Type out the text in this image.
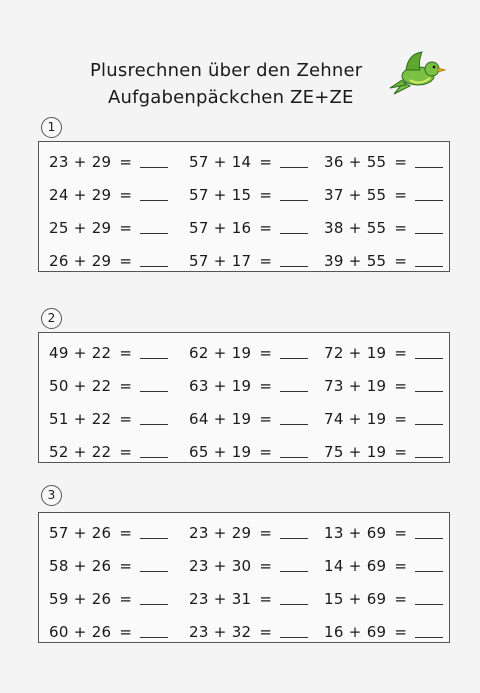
Plusrechnen über den Zehner
Aufgabenpäckchen ZE+ZE
1
23 + 29 =
24 + 29 =
25 + 29 =
26 + 29 =
57 + 14 =
57 + 15 =
57 + 16 =
57 + 17 =
36 + 55 =
37 + 55 =
38 + 55 =
39 + 55 =
2
49 + 22 =
50 + 22 =
51 + 22 =
52 + 22 =
62 + 19 =
63 + 19 =
64 + 19 =
65 + 19 =
72 + 19 =
73 + 19 =
74 + 19 =
75 + 19 =
3
57 + 26 =
58 + 26 =
59 + 26 =
60 + 26 =
23 + 29 =
23 + 30 =
23 + 31 =
23 + 32 =
13 + 69 =
14 + 69 =
15 + 69 =
16 + 69 =
